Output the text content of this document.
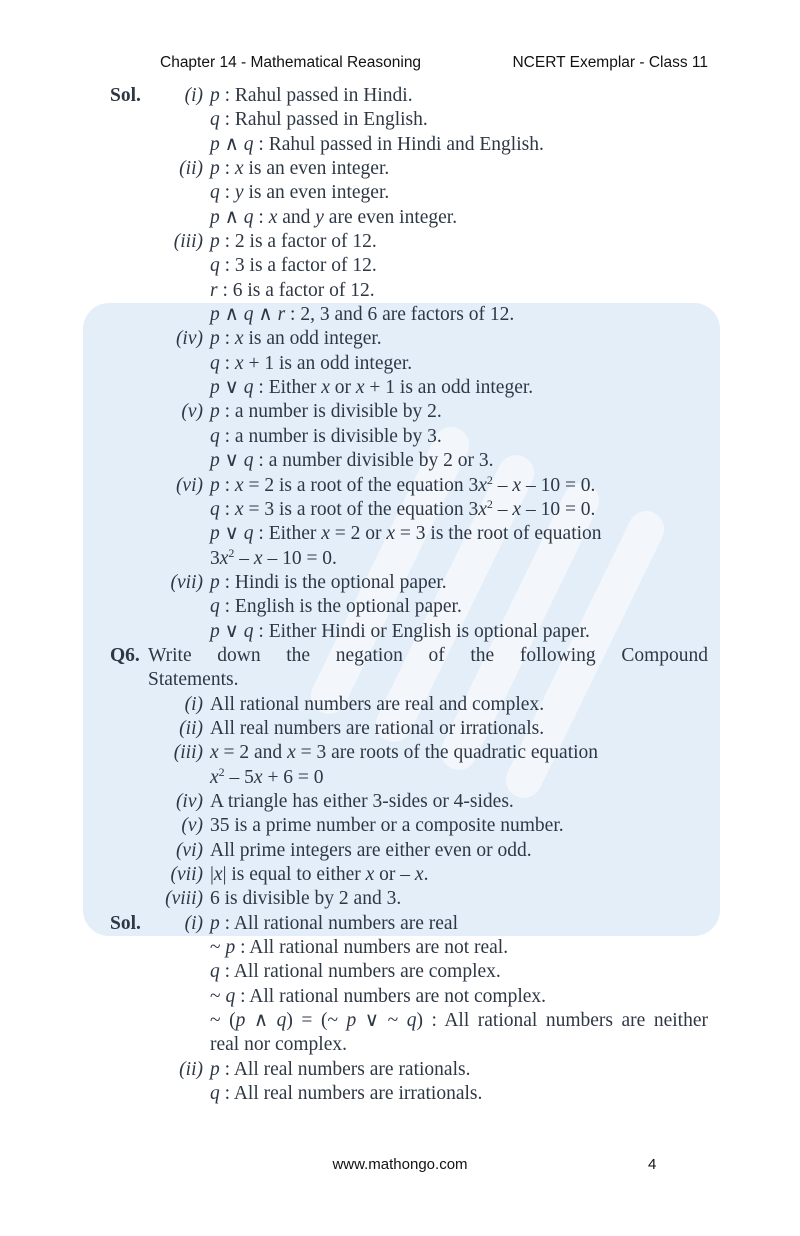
Chapter 14 - Mathematical Reasoning	NCERT Exemplar - Class 11
Sol.	(i) p : Rahul passed in Hindi.
q : Rahul passed in English.
p ∧ q : Rahul passed in Hindi and English.
(ii) p : x is an even integer.
q : y is an even integer.
p ∧ q : x and y are even integer.
(iii) p : 2 is a factor of 12.
q : 3 is a factor of 12.
r : 6 is a factor of 12.
p ∧ q ∧ r : 2, 3 and 6 are factors of 12.
(iv) p : x is an odd integer.
q : x + 1 is an odd integer.
p ∨ q : Either x or x + 1 is an odd integer.
(v) p : a number is divisible by 2.
q : a number is divisible by 3.
p ∨ q : a number divisible by 2 or 3.
(vi) p : x = 2 is a root of the equation $3x^2 - x - 10 = 0$.
q : x = 3 is a root of the equation $3x^2 - x - 10 = 0$.
p ∨ q : Either x = 2 or x = 3 is the root of equation
$3x^2 - x - 10 = 0$.
(vii) p : Hindi is the optional paper.
q : English is the optional paper.
p ∨ q : Either Hindi or English is optional paper.
Q6. Write down the negation of the following Compound
Statements.
(i) All rational numbers are real and complex.
(ii) All real numbers are rational or irrationals.
(iii) x = 2 and x = 3 are roots of the quadratic equation
$x^2 - 5x + 6 = 0$
(iv) A triangle has either 3-sides or 4-sides.
(v) 35 is a prime number or a composite number.
(vi) All prime integers are either even or odd.
(vii) |x| is equal to either x or – x.
(viii) 6 is divisible by 2 and 3.
Sol.	(i) p : All rational numbers are real
~ p : All rational numbers are not real.
q : All rational numbers are complex.
~ q : All rational numbers are not complex.
~ (p ∧ q) = (~ p ∨ ~ q) : All rational numbers are neither
real nor complex.
(ii) p : All real numbers are rationals.
q : All real numbers are irrationals.
www.mathongo.com	4
